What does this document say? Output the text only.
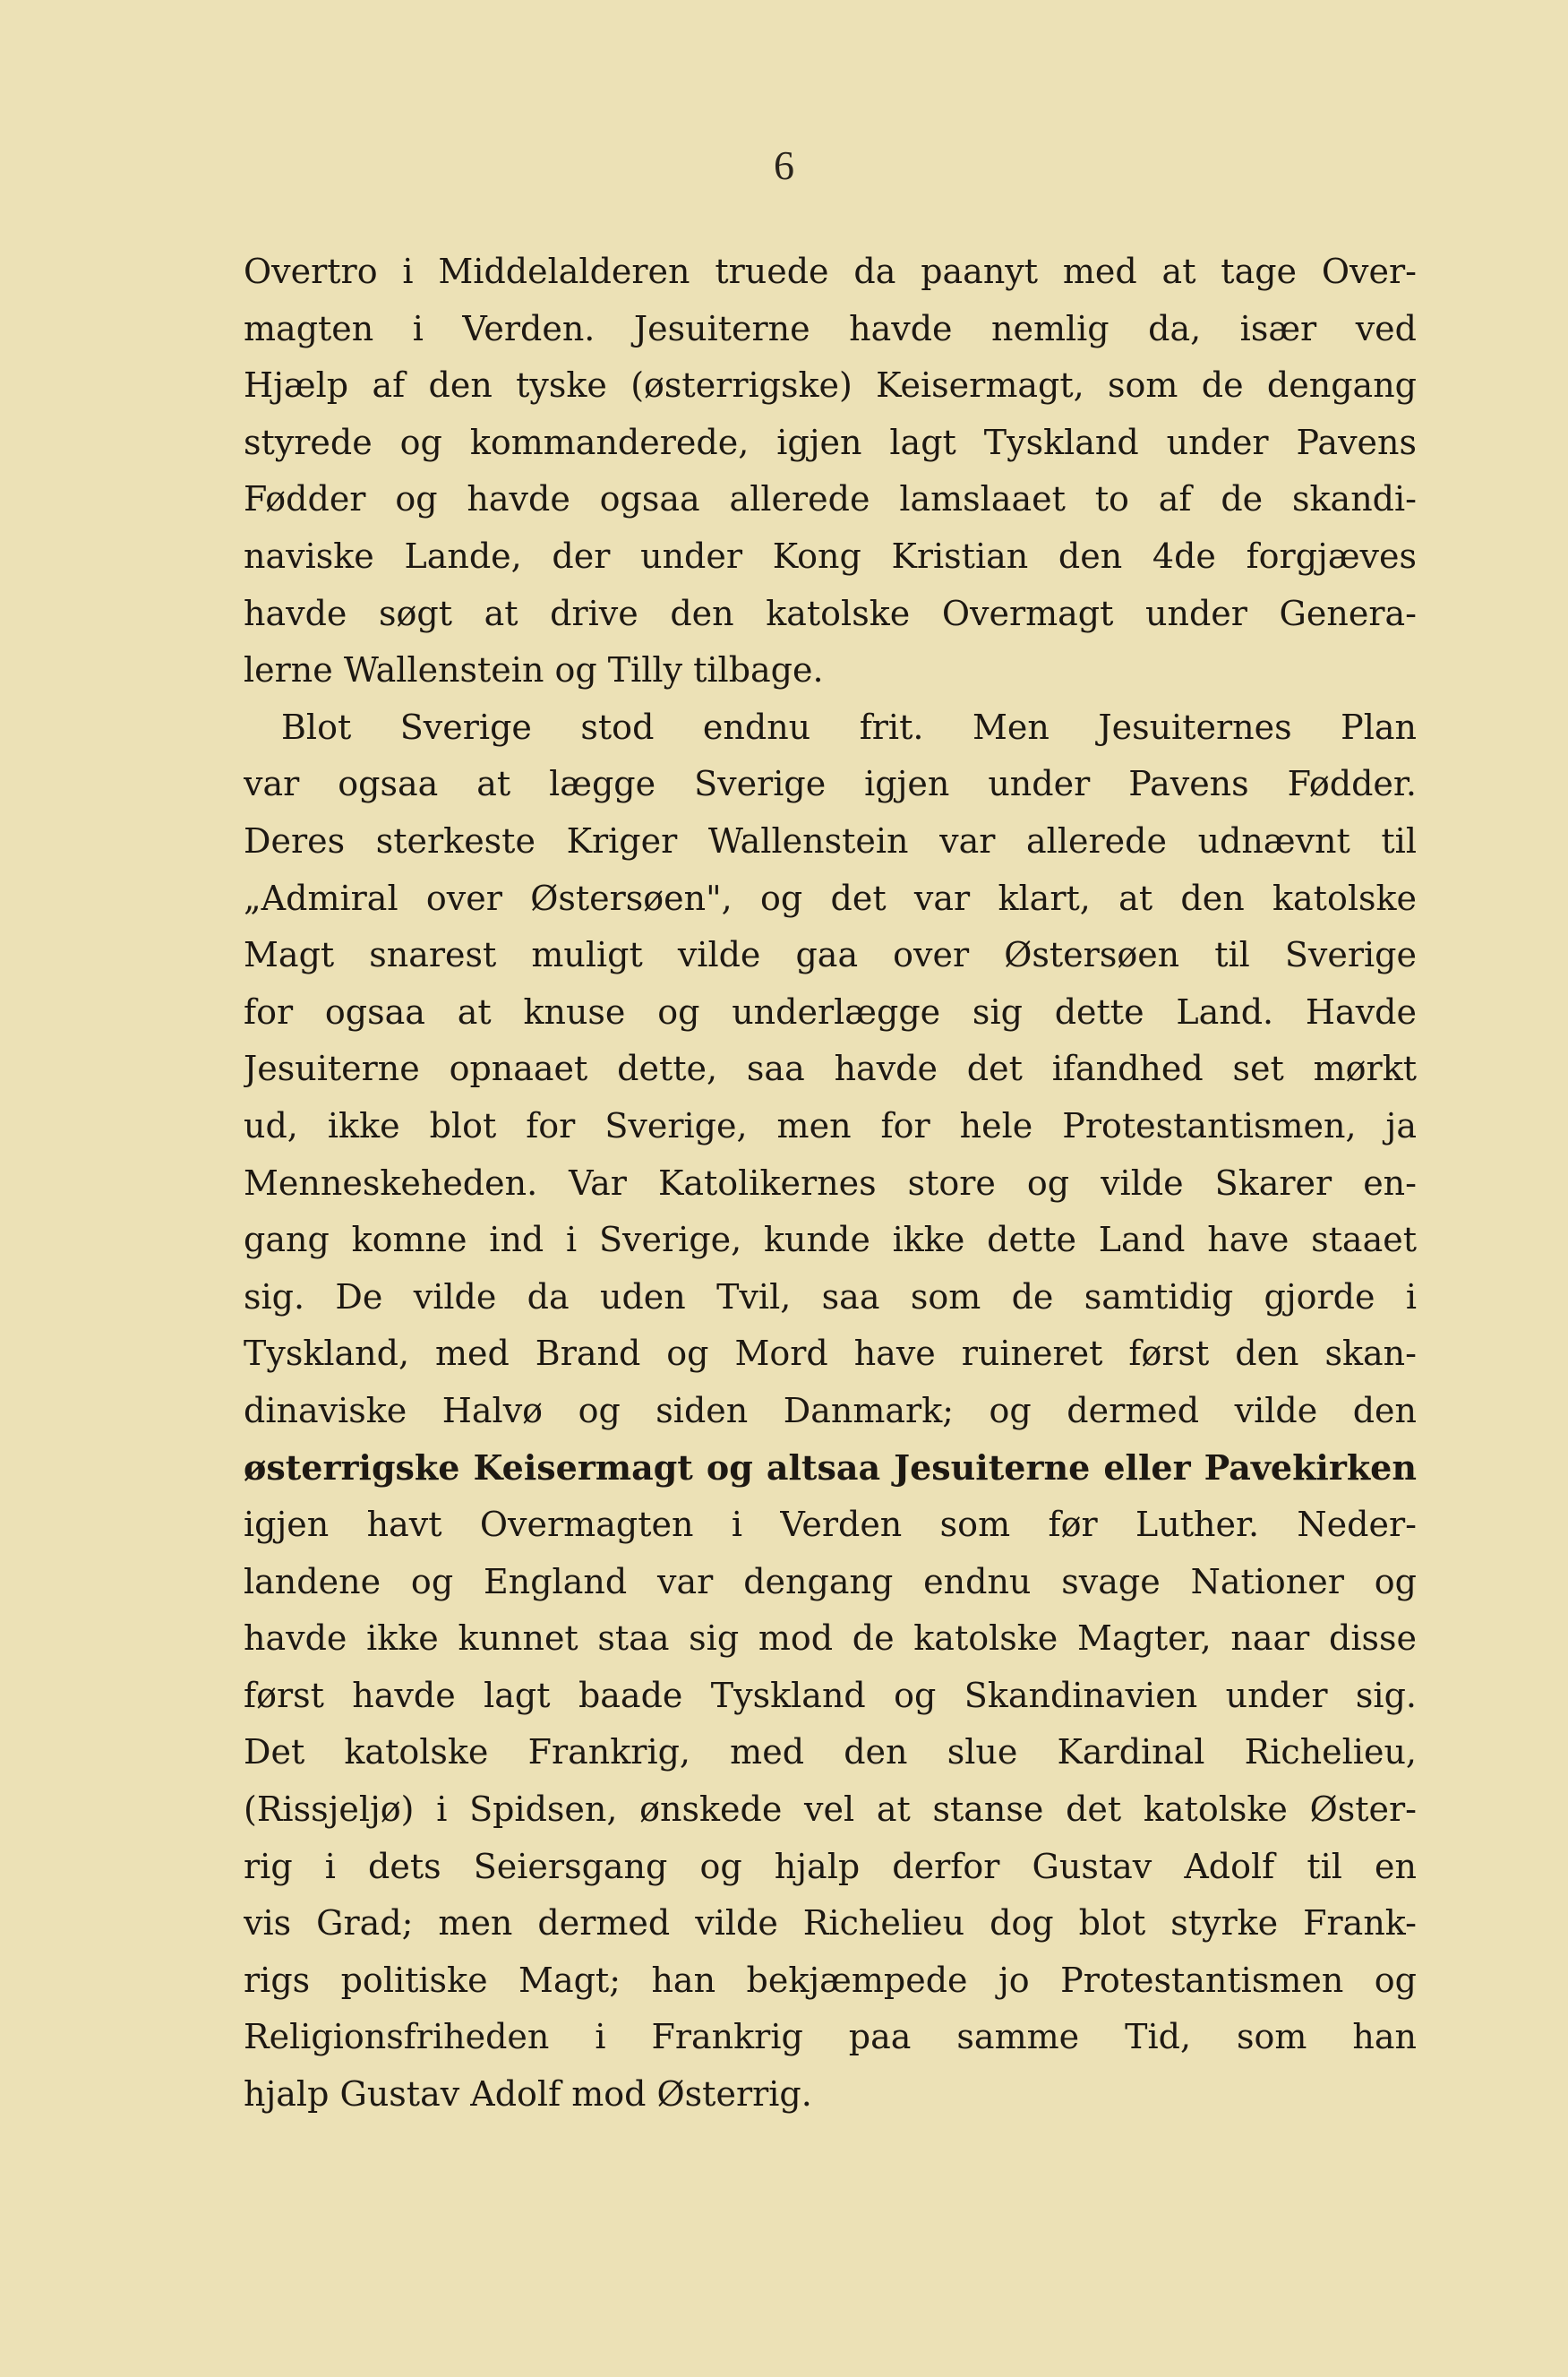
6
Overtro i Middelalderen truede da paanyt med at tage Over-
magten i Verden. Jesuiterne havde nemlig da, især ved
Hjælp af den tyske (østerrigske) Keisermagt, som de dengang
styrede og kommanderede, igjen lagt Tyskland under Pavens
Fødder og havde ogsaa allerede lamslaaet to af de skandi-
naviske Lande, der under Kong Kristian den 4de forgjæves
havde søgt at drive den katolske Overmagt under Genera-
lerne Wallenstein og Tilly tilbage.
Blot Sverige stod endnu frit. Men Jesuiternes Plan
var ogsaa at lægge Sverige igjen under Pavens Fødder.
Deres sterkeste Kriger Wallenstein var allerede udnævnt til
„Admiral over Østersøen", og det var klart, at den katolske
Magt snarest muligt vilde gaa over Østersøen til Sverige
for ogsaa at knuse og underlægge sig dette Land. Havde
Jesuiterne opnaaet dette, saa havde det ifandhed set mørkt
ud, ikke blot for Sverige, men for hele Protestantismen, ja
Menneskeheden. Var Katolikernes store og vilde Skarer en-
gang komne ind i Sverige, kunde ikke dette Land have staaet
sig. De vilde da uden Tvil, saa som de samtidig gjorde i
Tyskland, med Brand og Mord have ruineret først den skan-
dinaviske Halvø og siden Danmark; og dermed vilde den
østerrigske Keisermagt og altsaa Jesuiterne eller Pavekirken
igjen havt Overmagten i Verden som før Luther. Neder-
landene og England var dengang endnu svage Nationer og
havde ikke kunnet staa sig mod de katolske Magter, naar disse
først havde lagt baade Tyskland og Skandinavien under sig.
Det katolske Frankrig, med den slue Kardinal Richelieu,
(Rissjeljø) i Spidsen, ønskede vel at stanse det katolske Øster-
rig i dets Seiersgang og hjalp derfor Gustav Adolf til en
vis Grad; men dermed vilde Richelieu dog blot styrke Frank-
rigs politiske Magt; han bekjæmpede jo Protestantismen og
Religionsfriheden i Frankrig paa samme Tid, som han
hjalp Gustav Adolf mod Østerrig.
